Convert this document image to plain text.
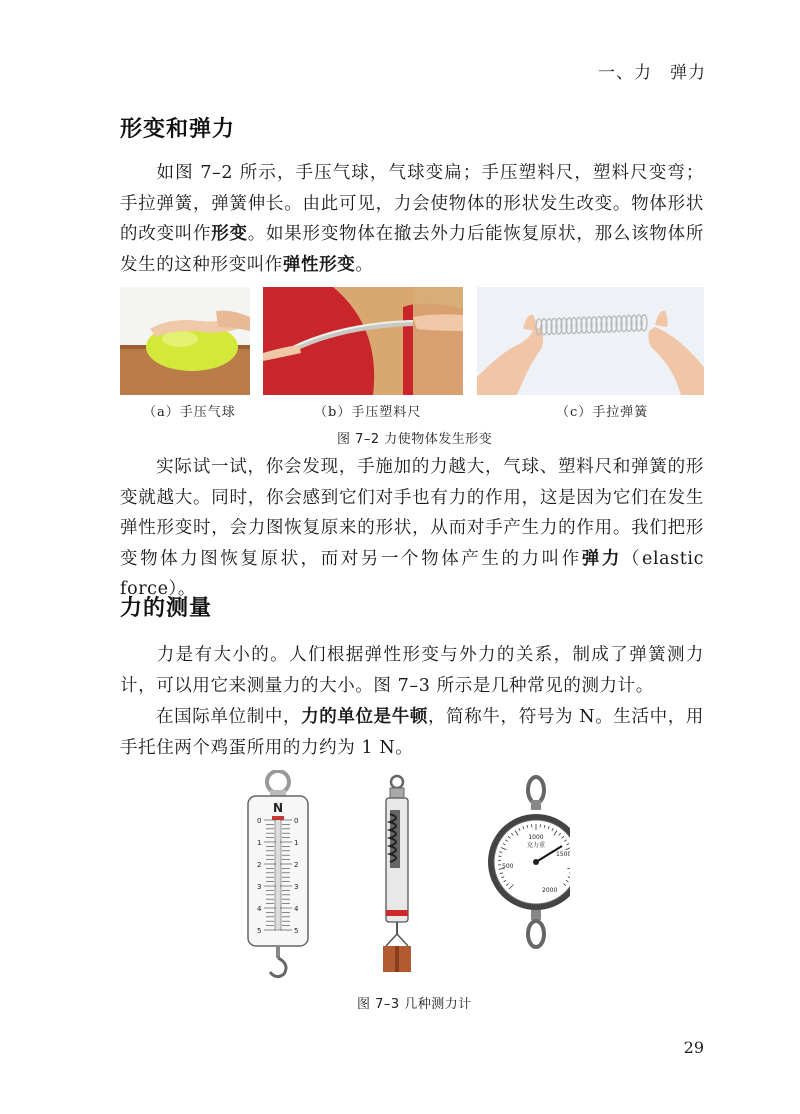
一、力 弹力
形变和弹力
如图 7–2 所示，手压气球，气球变扁；手压塑料尺，塑料尺变弯；手拉弹簧，弹簧伸长。由此可见，力会使物体的形状发生改变。物体形状的改变叫作形变。如果形变物体在撤去外力后能恢复原状，那么该物体所发生的这种形变叫作弹性形变。
（a）手压气球	（b）手压塑料尺	（c）手拉弹簧
图 7–2 力使物体发生形变
实际试一试，你会发现，手施加的力越大，气球、塑料尺和弹簧的形变就越大。同时，你会感到它们对手也有力的作用，这是因为它们在发生弹性形变时，会力图恢复原来的形状，从而对手产生力的作用。我们把形变物体力图恢复原状，而对另一个物体产生的力叫作弹力（elastic force）。
力的测量
力是有大小的。人们根据弹性形变与外力的关系，制成了弹簧测力计，可以用它来测量力的大小。图 7–3 所示是几种常见的测力计。
在国际单位制中，力的单位是牛顿，简称牛，符号为 N。生活中，用手托住两个鸡蛋所用的力约为 1 N。
N
0
1
2
3
4
5
0
1
2
3
4
5
1000
克力重
500
1500
2000
图 7–3 几种测力计
29
